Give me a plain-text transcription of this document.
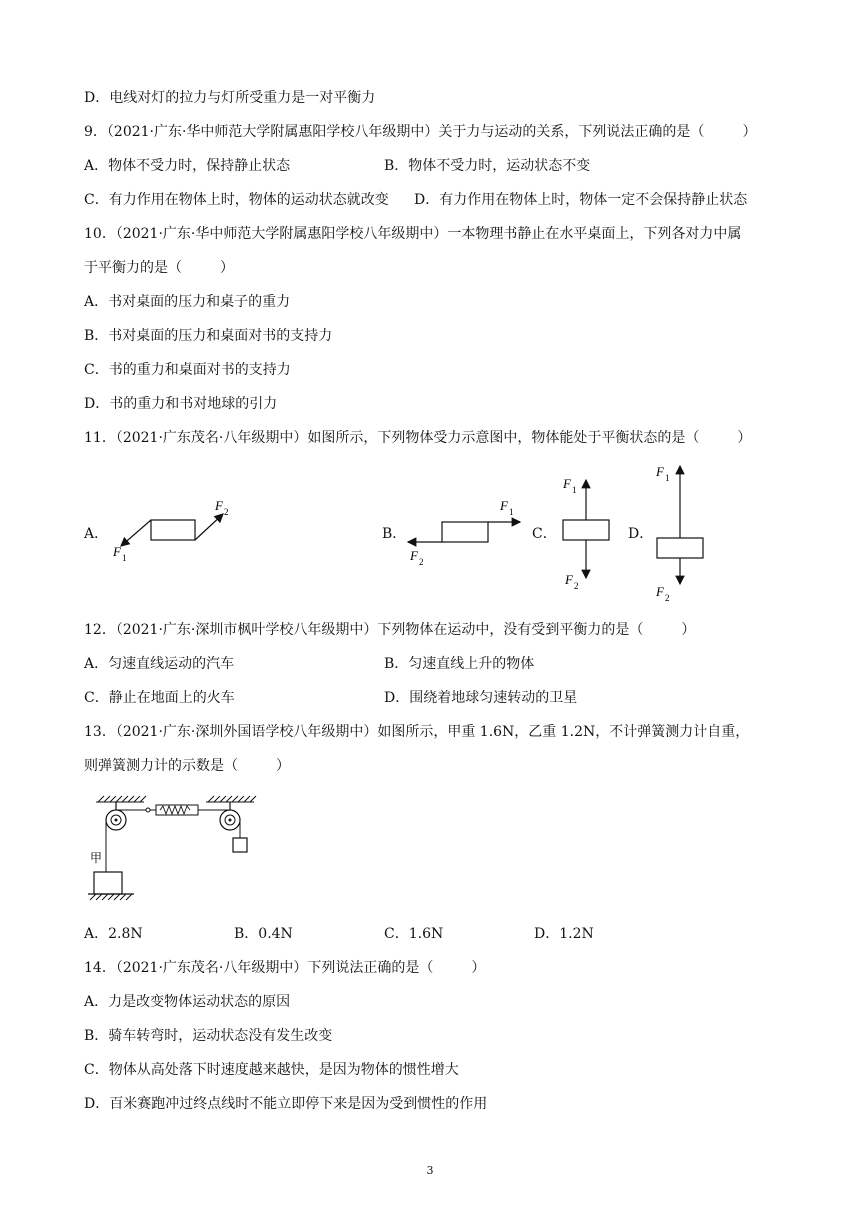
D．电线对灯的拉力与灯所受重力是一对平衡力
9．（2021·广东·华中师范大学附属惠阳学校八年级期中）关于力与运动的关系，下列说法正确的是（	）
A．物体不受力时，保持静止状态	B．物体不受力时，运动状态不变
C．有力作用在物体上时，物体的运动状态就改变 D．有力作用在物体上时，物体一定不会保持静止状态
10．（2021·广东·华中师范大学附属惠阳学校八年级期中）一本物理书静止在水平桌面上，下列各对力中属
于平衡力的是（	）
A．书对桌面的压力和桌子的重力
B．书对桌面的压力和桌面对书的支持力
C．书的重力和桌面对书的支持力
D．书的重力和书对地球的引力
11．（2021·广东茂名·八年级期中）如图所示，下列物体受力示意图中，物体能处于平衡状态的是（	）
A．	B．	C．	D．
F 1
F 2	F 1
F 2
F 1
F 2
F 1
F 2
12．（2021·广东·深圳市枫叶学校八年级期中）下列物体在运动中，没有受到平衡力的是（	）
A．匀速直线运动的汽车	B．匀速直线上升的物体
C．静止在地面上的火车	D．围绕着地球匀速转动的卫星
13．（2021·广东·深圳外国语学校八年级期中）如图所示，甲重 1.6N，乙重 1.2N，不计弹簧测力计自重，
则弹簧测力计的示数是（	）
甲
A．2.8N	B．0.4N	C．1.6N	D．1.2N
14．（2021·广东茂名·八年级期中）下列说法正确的是（	）
A．力是改变物体运动状态的原因
B．骑车转弯时，运动状态没有发生改变
C．物体从高处落下时速度越来越快，是因为物体的惯性增大
D．百米赛跑冲过终点线时不能立即停下来是因为受到惯性的作用
3
